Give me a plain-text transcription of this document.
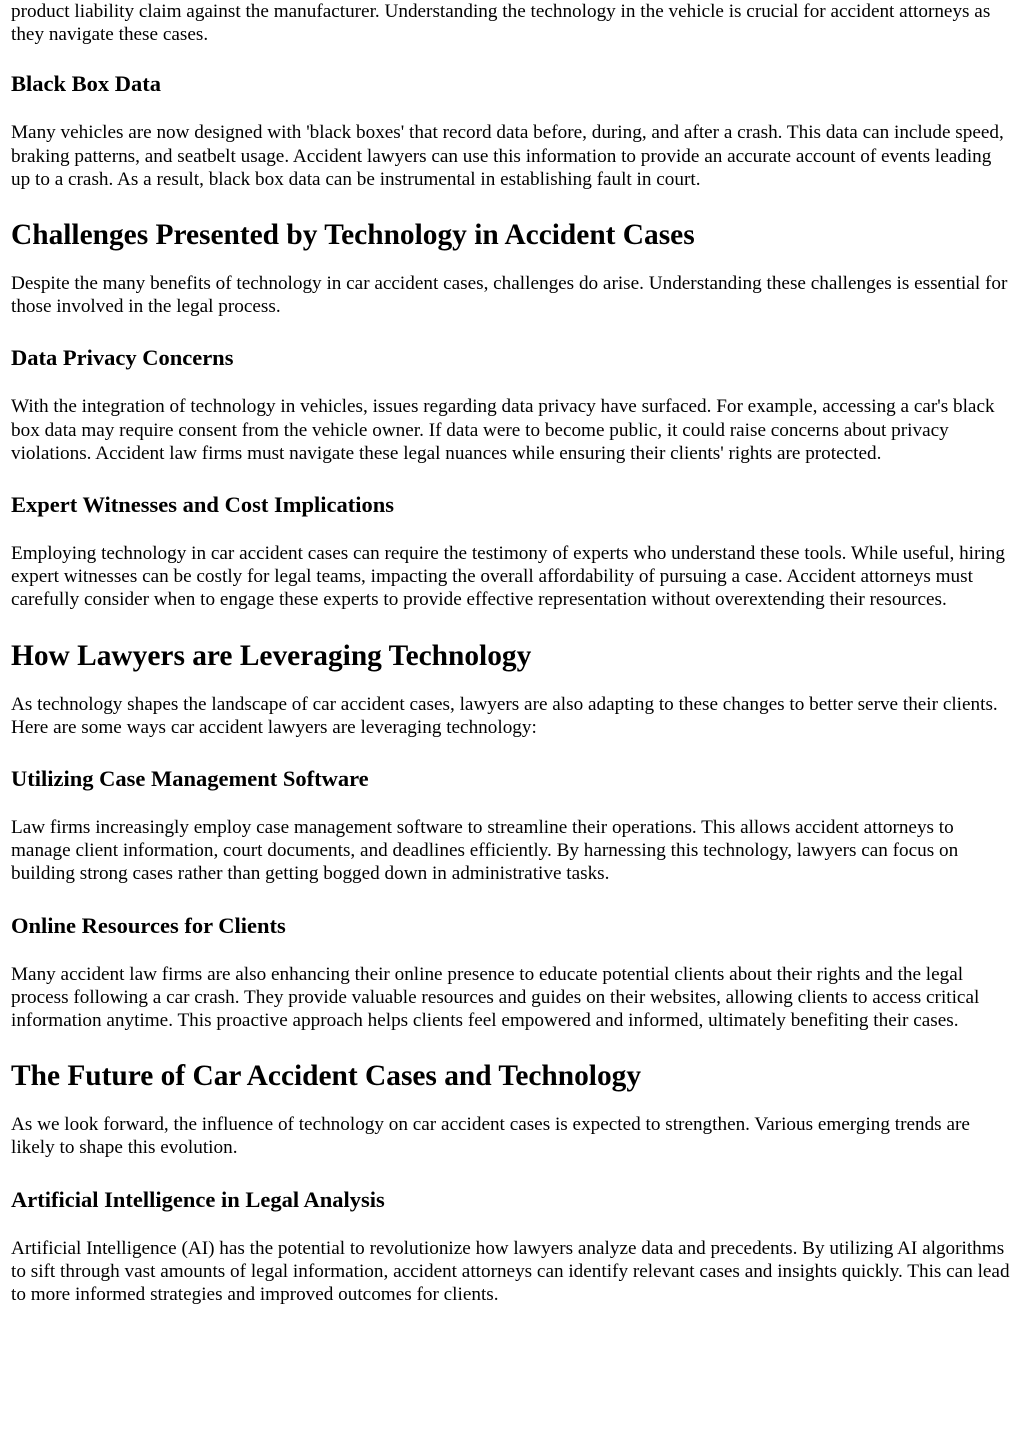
product liability claim against the manufacturer. Understanding the technology in the vehicle is crucial for accident attorneys as they navigate these cases.

Black Box Data

Many vehicles are now designed with 'black boxes' that record data before, during, and after a crash. This data can include speed, braking patterns, and seatbelt usage. Accident lawyers can use this information to provide an accurate account of events leading up to a crash. As a result, black box data can be instrumental in establishing fault in court.

Challenges Presented by Technology in Accident Cases

Despite the many benefits of technology in car accident cases, challenges do arise. Understanding these challenges is essential for those involved in the legal process.

Data Privacy Concerns

With the integration of technology in vehicles, issues regarding data privacy have surfaced. For example, accessing a car's black box data may require consent from the vehicle owner. If data were to become public, it could raise concerns about privacy violations. Accident law firms must navigate these legal nuances while ensuring their clients' rights are protected.

Expert Witnesses and Cost Implications

Employing technology in car accident cases can require the testimony of experts who understand these tools. While useful, hiring expert witnesses can be costly for legal teams, impacting the overall affordability of pursuing a case. Accident attorneys must carefully consider when to engage these experts to provide effective representation without overextending their resources.

How Lawyers are Leveraging Technology

As technology shapes the landscape of car accident cases, lawyers are also adapting to these changes to better serve their clients. Here are some ways car accident lawyers are leveraging technology:

Utilizing Case Management Software

Law firms increasingly employ case management software to streamline their operations. This allows accident attorneys to manage client information, court documents, and deadlines efficiently. By harnessing this technology, lawyers can focus on building strong cases rather than getting bogged down in administrative tasks.

Online Resources for Clients

Many accident law firms are also enhancing their online presence to educate potential clients about their rights and the legal process following a car crash. They provide valuable resources and guides on their websites, allowing clients to access critical information anytime. This proactive approach helps clients feel empowered and informed, ultimately benefiting their cases.

The Future of Car Accident Cases and Technology

As we look forward, the influence of technology on car accident cases is expected to strengthen. Various emerging trends are likely to shape this evolution.

Artificial Intelligence in Legal Analysis

Artificial Intelligence (AI) has the potential to revolutionize how lawyers analyze data and precedents. By utilizing AI algorithms to sift through vast amounts of legal information, accident attorneys can identify relevant cases and insights quickly. This can lead to more informed strategies and improved outcomes for clients.
